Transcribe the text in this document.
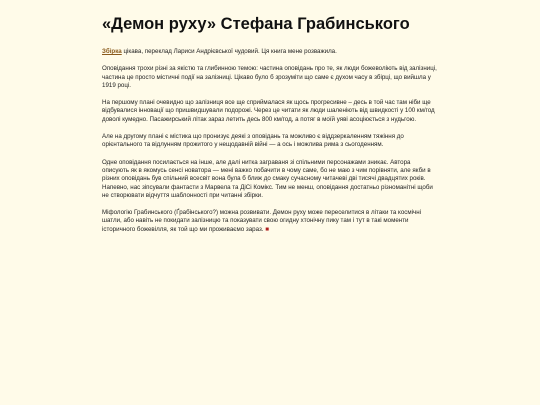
«Демон руху» Стефана Грабинського

Збірка цікава, переклад Лариси Андрієвської чудовий. Ця книга мене розважила.

Оповідання трохи різні за якістю та глибинною темою: частина оповідань про те, як люди божеволіють від залізниці, частина це просто містичні події на залізниці. Цікаво було б зрозуміти що саме є духом часу в збірці, що вийшла у 1919 році.

На першому плані очевидно що залізниця все ще сприймалася як щось прогресивне – десь в той час там ніби ще відбувалися інновації що пришвидшували подорожі. Через це читати як люди шаленіють від швидкості у 100 км/год доволі кумедно. Пасажирський літак зараз летить десь 800 км/год, а потяг в моїй уяві асоціюється з нудьгою.

Але на другому плані є містика що пронизує деякі з оповідань та можливо є віддзеркаленням тяжіння до орієнтального та відлунням прожитого у нещодавній війні — а ось і можлива рима з сьогоденням.

Одне оповідання посилається на інше, але далі нитка заграваня зі спільними персонажами зникає. Автора описують як в якомусь сенсі новатора — мені важко побачити в чому саме, бо не маю з чим порівняти, але якби в різних оповідань був спільний всесвіт вона була б ближ до смаку сучасному читачеві дві тисячі двадцятих років. Напевно, нас зіпсували фантасти з Марвела та ДіСі Комікс. Тим не менш, оповідання достатньо різноманітні щоби не створювати відчуття шаблонності при читанні збірки.

Міфологію Грабинського (Ґрабінського?) можна розвивати. Демон руху може переселитися в літаки та космічні шатли, або навіть не покидати залізницю та показувати свою огидну хтонічну пику там і тут в такі моменти історичного божевілля, як той що ми проживаємо зараз. ■
